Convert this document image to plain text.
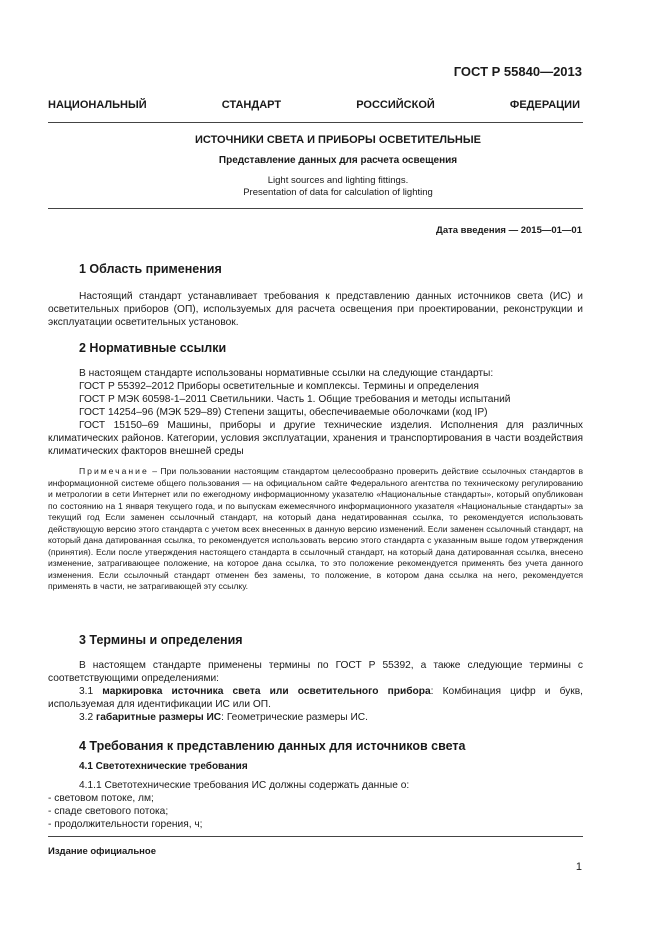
ГОСТ Р 55840—2013
НАЦИОНАЛЬНЫЙ СТАНДАРТ РОССИЙСКОЙ ФЕДЕРАЦИИ
ИСТОЧНИКИ СВЕТА И ПРИБОРЫ ОСВЕТИТЕЛЬНЫЕ
Представление данных для расчета освещения
Light sources and lighting fittings.
Presentation of data for calculation of lighting
Дата введения — 2015—01—01
1 Область применения

Настоящий стандарт устанавливает требования к представлению данных источников света (ИС) и осветительных приборов (ОП), используемых для расчета освещения при проектировании, реконструкции и эксплуатации осветительных установок.

2 Нормативные ссылки
В настоящем стандарте использованы нормативные ссылки на следующие стандарты:
ГОСТ Р 55392–2012 Приборы осветительные и комплексы. Термины и определения
ГОСТ Р МЭК 60598-1–2011 Светильники. Часть 1. Общие требования и методы испытаний
ГОСТ 14254–96 (МЭК 529–89) Степени защиты, обеспечиваемые оболочками (код IP)

ГОСТ 15150–69 Машины, приборы и другие технические изделия. Исполнения для различных климатических районов. Категории, условия эксплуатации, хранения и транспортирования в части воздействия климатических факторов внешней среды

Примечание – При пользовании настоящим стандартом целесообразно проверить действие ссылочных стандартов в информационной системе общего пользования — на официальном сайте Федерального агентства по техническому регулированию и метрологии в сети Интернет или по ежегодному информационному указателю «Национальные стандарты», который опубликован по состоянию на 1 января текущего года, и по выпускам ежемесячного информационного указателя «Национальные стандарты» за текущий год Если заменен ссылочный стандарт, на который дана недатированная ссылка, то рекомендуется использовать действующую версию этого стандарта с учетом всех внесенных в данную версию изменений. Если заменен ссылочный стандарт, на который дана датированная ссылка, то рекомендуется использовать версию этого стандарта с указанным выше годом утверждения (принятия). Если после утверждения настоящего стандарта в ссылочный стандарт, на который дана датированная ссылка, внесено изменение, затрагивающее положение, на которое дана ссылка, то это положение рекомендуется применять без учета данного изменения. Если ссылочный стандарт отменен без замены, то положение, в котором дана ссылка на него, рекомендуется применять в части, не затрагивающей эту ссылку.

3 Термины и определения

В настоящем стандарте применены термины по ГОСТ Р 55392, а также следующие термины с соответствующими определениями:

3.1 маркировка источника света или осветительного прибора: Комбинация цифр и букв, используемая для идентификации ИС или ОП.

3.2 габаритные размеры ИС: Геометрические размеры ИС.

4 Требования к представлению данных для источников света
4.1 Светотехнические требования
4.1.1 Светотехнические требования ИС должны содержать данные о:
- световом потоке, лм;
- спаде светового потока;
- продолжительности горения, ч;
Издание официальное
1
